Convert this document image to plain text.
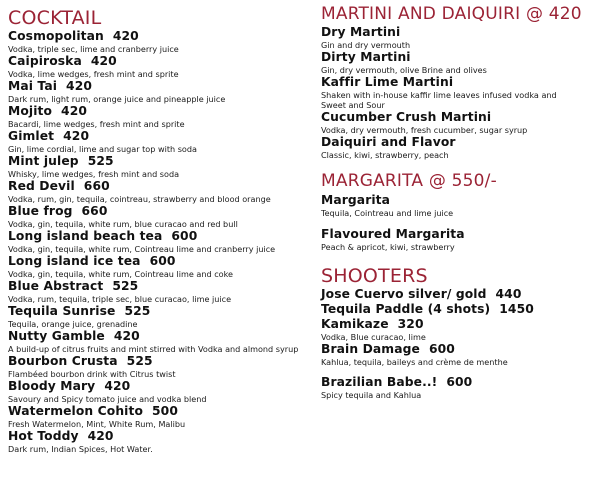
COCKTAIL
Cosmopolitan 420
Vodka, triple sec, lime and cranberry juice
Caipiroska 420
Vodka, lime wedges, fresh mint and sprite
Mai Tai 420
Dark rum, light rum, orange juice and pineapple juice
Mojito 420
Bacardi, lime wedges, fresh mint and sprite
Gimlet 420
Gin, lime cordial, lime and sugar top with soda
Mint julep 525
Whisky, lime wedges, fresh mint and soda
Red Devil 660
Vodka, rum, gin, tequila, cointreau, strawberry and blood orange
Blue frog 660
Vodka, gin, tequila, white rum, blue curacao and red bull
Long island beach tea 600
Vodka, gin, tequila, white rum, Cointreau lime and cranberry juice
Long island ice tea 600
Vodka, gin, tequila, white rum, Cointreau lime and coke
Blue Abstract 525
Vodka, rum, tequila, triple sec, blue curacao, lime juice
Tequila Sunrise 525
Tequila, orange juice, grenadine
Nutty Gamble 420
A build-up of citrus fruits and mint stirred with Vodka and almond syrup
Bourbon Crusta 525
Flambéed bourbon drink with Citrus twist
Bloody Mary 420
Savoury and Spicy tomato juice and vodka blend
Watermelon Cohito 500
Fresh Watermelon, Mint, White Rum, Malibu
Hot Toddy 420
Dark rum, Indian Spices, Hot Water.
MARTINI AND DAIQUIRI @ 420
Dry Martini
Gin and dry vermouth
Dirty Martini
Gin, dry vermouth, olive Brine and olives
Kaffir Lime Martini
Shaken with in-house kaffir lime leaves infused vodka and Sweet and Sour
Cucumber Crush Martini
Vodka, dry vermouth, fresh cucumber, sugar syrup
Daiquiri and Flavor
Classic, kiwi, strawberry, peach
MARGARITA @ 550/-
Margarita
Tequila, Cointreau and lime juice
Flavoured Margarita
Peach & apricot, kiwi, strawberry
SHOOTERS
Jose Cuervo silver/ gold 440
Tequila Paddle (4 shots) 1450
Kamikaze 320
Vodka, Blue curacao, lime
Brain Damage 600
Kahlua, tequila, baileys and crème de menthe
Brazilian Babe..! 600
Spicy tequila and Kahlua
